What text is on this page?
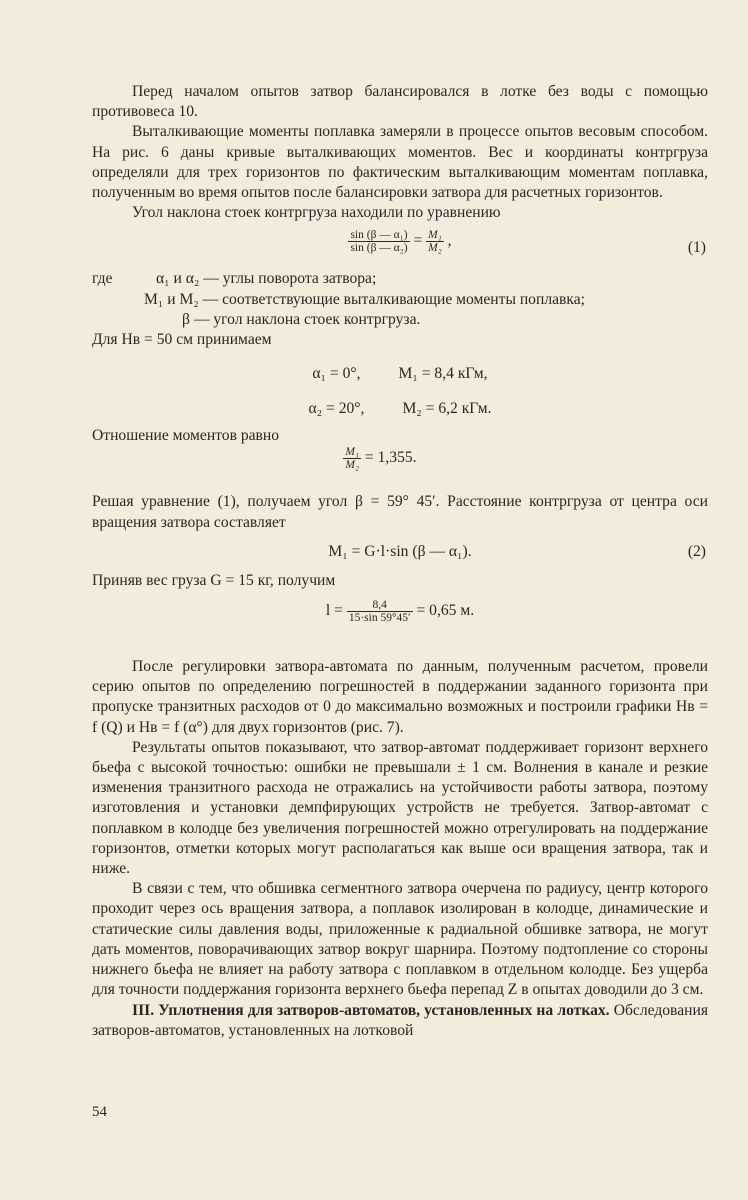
Перед началом опытов затвор балансировался в лотке без воды с помощью противовеса 10.

Выталкивающие моменты поплавка замеряли в процессе опытов весовым способом. На рис. 6 даны кривые выталкивающих моментов. Вес и координаты контргруза определяли для трех горизонтов по фактическим выталкивающим моментам поплавка, полученным во время опытов после балансировки затвора для расчетных горизонтов.

Угол наклона стоек контргруза находили по уравнению

$\frac{\text{sin (β — α₁)}}{\text{sin (β — α₂)}} = \frac{\text{M₁}}{\text{M₂}}$ ,	(1)
где	α₁ и α₂ — углы поворота затвора;
M₁ и M₂ — соответствующие выталкивающие моменты поплавка;
β — угол наклона стоек контргруза.

Для Hв = 50 см принимаем

α₁ = 0°, M₁ = 8,4 кГм,
α₂ = 20°, M₂ = 6,2 кГм.

Отношение моментов равно

$\frac{\text{M₁}}{\text{M₂}} = 1,355$.

Решая уравнение (1), получаем угол β = 59° 45′. Расстояние контргруза от центра оси вращения затвора составляет

M₁ = G·l·sin (β — α₁).	(2)

Приняв вес груза G = 15 кг, получим

$l = \frac{8,4}{15\cdot\sin 59^\circ 45'} = 0,65$ м.

После регулировки затвора-автомата по данным, полученным расчетом, провели серию опытов по определению погрешностей в поддержании заданного горизонта при пропуске транзитных расходов от 0 до максимально возможных и построили графики Hв = f (Q) и Hв = f (α°) для двух горизонтов (рис. 7).

Результаты опытов показывают, что затвор-автомат поддерживает горизонт верхнего бьефа с высокой точностью: ошибки не превышали ± 1 см. Волнения в канале и резкие изменения транзитного расхода не отражались на устойчивости работы затвора, поэтому изготовления и установки демпфирующих устройств не требуется. Затвор-автомат с поплавком в колодце без увеличения погрешностей можно отрегулировать на поддержание горизонтов, отметки которых могут располагаться как выше оси вращения затвора, так и ниже.

В связи с тем, что обшивка сегментного затвора очерчена по радиусу, центр которого проходит через ось вращения затвора, а поплавок изолирован в колодце, динамические и статические силы давления воды, приложенные к радиальной обшивке затвора, не могут дать моментов, поворачивающих затвор вокруг шарнира. Поэтому подтопление со стороны нижнего бьефа не влияет на работу затвора с поплавком в отдельном колодце. Без ущерба для точности поддержания горизонта верхнего бьефа перепад Z в опытах доводили до 3 см.

III. Уплотнения для затворов-автоматов, установленных на лотках. Обследования затворов-автоматов, установленных на лотковой

54
